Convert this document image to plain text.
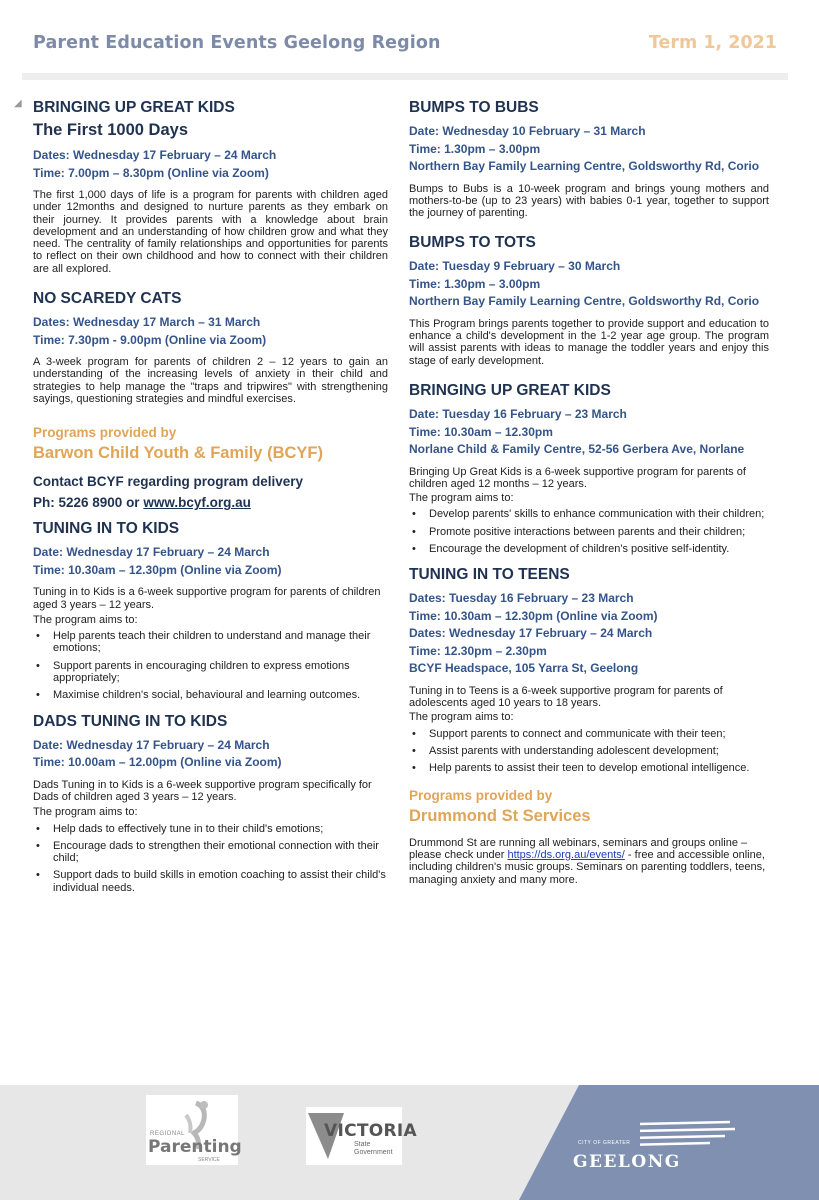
Parent Education Events Geelong Region	Term 1, 2021
◢ BRINGING UP GREAT KIDS
The First 1000 Days
Dates: Wednesday 17 February – 24 March
Time: 7.00pm – 8.30pm (Online via Zoom)
The first 1,000 days of life is a program for parents with children aged under 12months and designed to nurture parents as they embark on their journey. It provides parents with a knowledge about brain development and an understanding of how children grow and what they need. The centrality of family relationships and opportunities for parents to reflect on their own childhood and how to connect with their children are all explored.
NO SCAREDY CATS
Dates: Wednesday 17 March – 31 March
Time: 7.30pm - 9.00pm (Online via Zoom)
A 3-week program for parents of children 2 – 12 years to gain an understanding of the increasing levels of anxiety in their child and strategies to help manage the "traps and tripwires" with strengthening sayings, questioning strategies and mindful exercises.
Programs provided by
Barwon Child Youth & Family (BCYF)
Contact BCYF regarding program delivery
Ph: 5226 8900 or www.bcyf.org.au
TUNING IN TO KIDS
Date: Wednesday 17 February – 24 March
Time: 10.30am – 12.30pm (Online via Zoom)
Tuning in to Kids is a 6-week supportive program for parents of children aged 3 years – 12 years.
The program aims to:
• Help parents teach their children to understand and manage their emotions;
• Support parents in encouraging children to express emotions appropriately;
• Maximise children's social, behavioural and learning outcomes.
DADS TUNING IN TO KIDS
Date: Wednesday 17 February – 24 March
Time: 10.00am – 12.00pm (Online via Zoom)
Dads Tuning in to Kids is a 6-week supportive program specifically for Dads of children aged 3 years – 12 years.
The program aims to:
• Help dads to effectively tune in to their child's emotions;
• Encourage dads to strengthen their emotional connection with their child;
• Support dads to build skills in emotion coaching to assist their child's individual needs.
BUMPS TO BUBS
Date: Wednesday 10 February – 31 March
Time: 1.30pm – 3.00pm
Northern Bay Family Learning Centre, Goldsworthy Rd, Corio
Bumps to Bubs is a 10-week program and brings young mothers and mothers-to-be (up to 23 years) with babies 0-1 year, together to support the journey of parenting.
BUMPS TO TOTS
Date: Tuesday 9 February – 30 March
Time: 1.30pm – 3.00pm
Northern Bay Family Learning Centre, Goldsworthy Rd, Corio
This Program brings parents together to provide support and education to enhance a child's development in the 1-2 year age group. The program will assist parents with ideas to manage the toddler years and enjoy this stage of early development.
BRINGING UP GREAT KIDS
Date: Tuesday 16 February – 23 March
Time: 10.30am – 12.30pm
Norlane Child & Family Centre, 52-56 Gerbera Ave, Norlane
Bringing Up Great Kids is a 6-week supportive program for parents of children aged 12 months – 12 years.
The program aims to:
• Develop parents' skills to enhance communication with their children;
• Promote positive interactions between parents and their children;
• Encourage the development of children's positive self-identity.
TUNING IN TO TEENS
Dates: Tuesday 16 February – 23 March
Time: 10.30am – 12.30pm (Online via Zoom)
Dates: Wednesday 17 February – 24 March
Time: 12.30pm – 2.30pm
BCYF Headspace, 105 Yarra St, Geelong
Tuning in to Teens is a 6-week supportive program for parents of adolescents aged 10 years to 18 years.
The program aims to:
• Support parents to connect and communicate with their teen;
• Assist parents with understanding adolescent development;
• Help parents to assist their teen to develop emotional intelligence.
Programs provided by
Drummond St Services
Drummond St are running all webinars, seminars and groups online – please check under https://ds.org.au/events/ - free and accessible online, including children's music groups. Seminars on parenting toddlers, teens, managing anxiety and many more.
REGIONAL
Parenting
SERVICE
VICTORIA
State
Government
CITY OF GREATER
GEELONG
